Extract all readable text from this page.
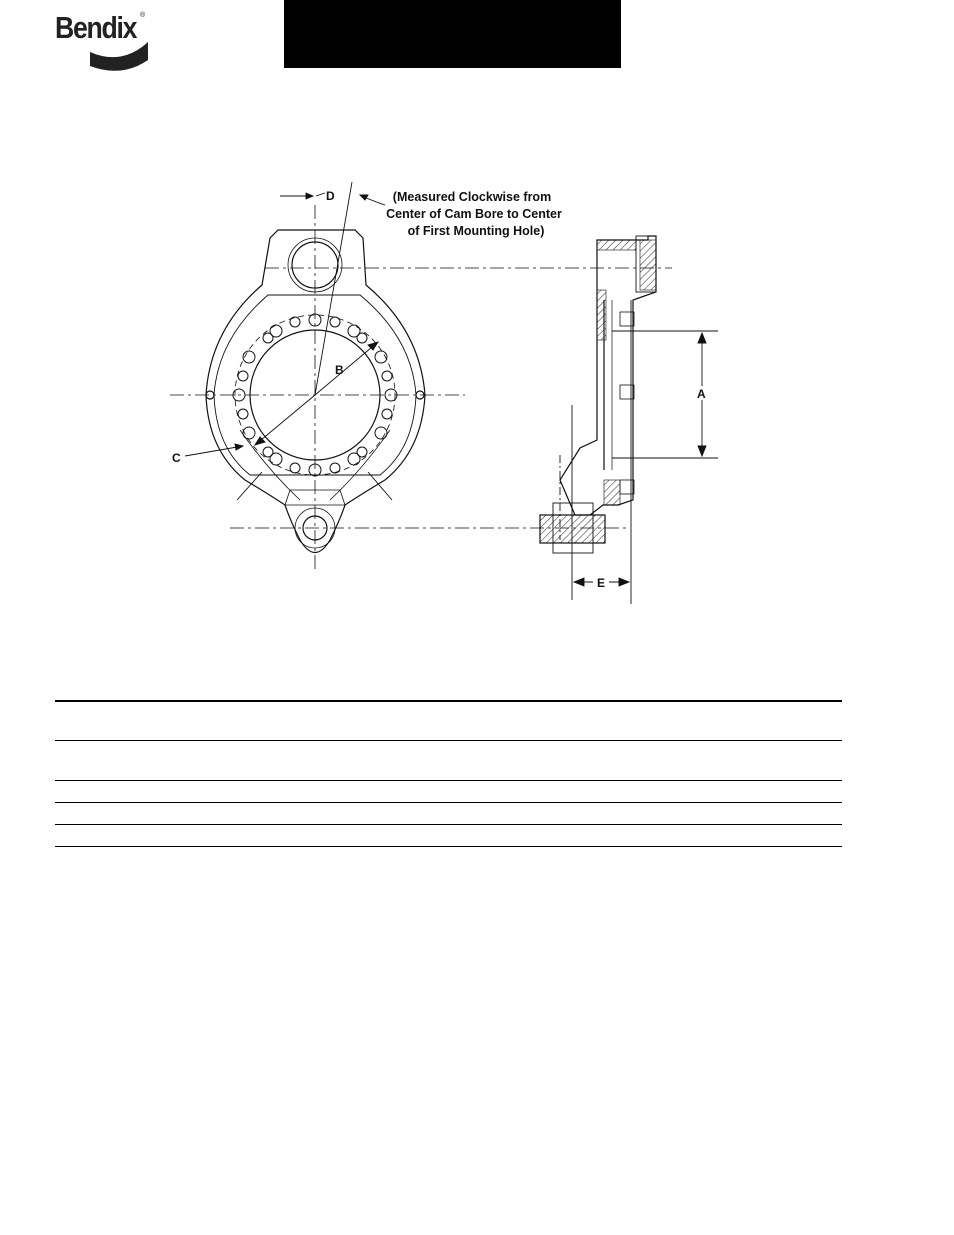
Bendix ®
D
B
C
A
E
(Measured Clockwise from
Center of Cam Bore to Center
of First Mounting Hole)
